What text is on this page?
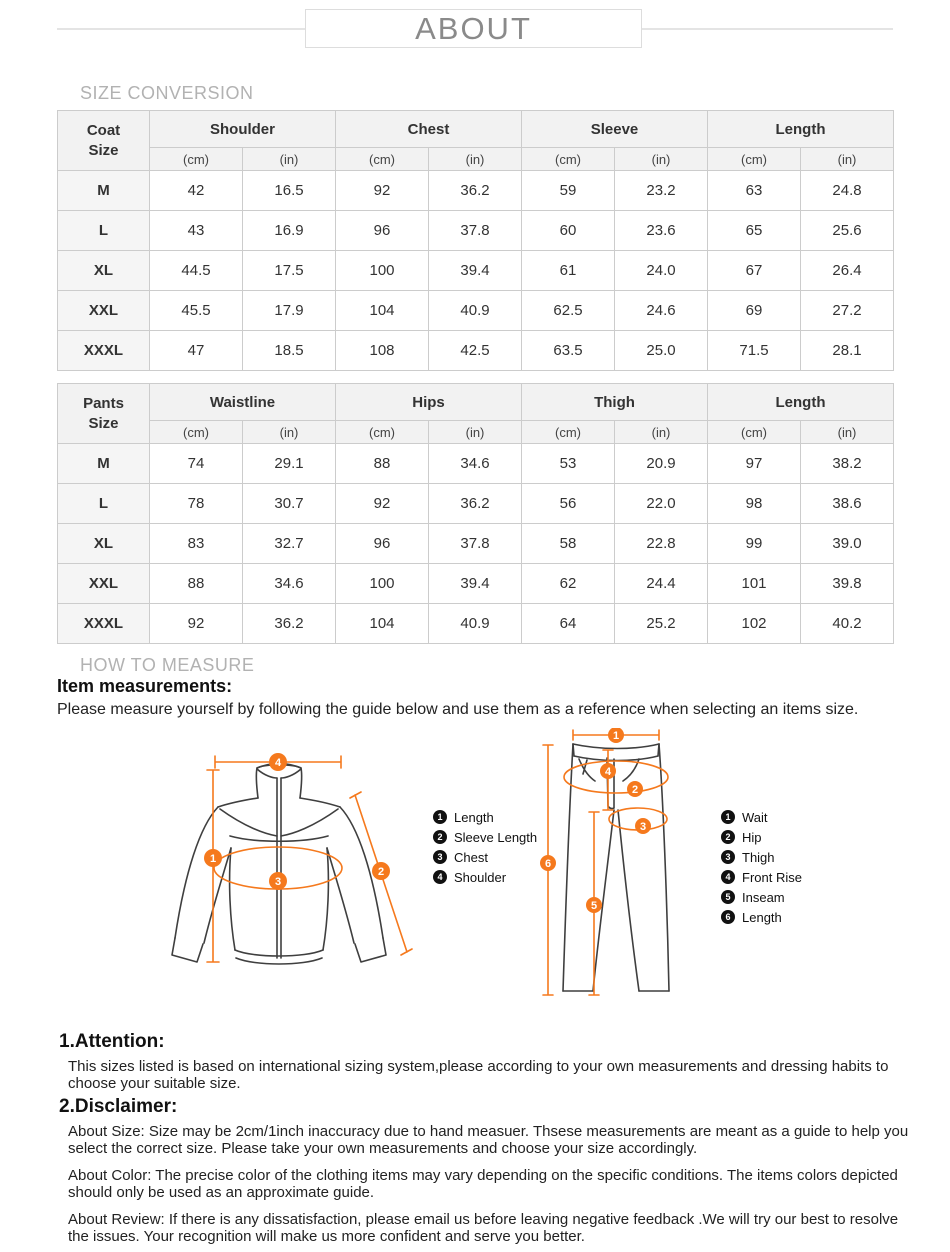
ABOUT
SIZE CONVERSION
Coat Size	Shoulder		Chest		Sleeve		Length	
	(cm)	(in)	(cm)	(in)	(cm)	(in)	(cm)	(in)
M	42	16.5	92	36.2	59	23.2	63	24.8
L	43	16.9	96	37.8	60	23.6	65	25.6
XL	44.5	17.5	100	39.4	61	24.0	67	26.4
XXL	45.5	17.9	104	40.9	62.5	24.6	69	27.2
XXXL	47	18.5	108	42.5	63.5	25.0	71.5	28.1
Pants Size	Waistline		Hips		Thigh		Length	
	(cm)	(in)	(cm)	(in)	(cm)	(in)	(cm)	(in)
M	74	29.1	88	34.6	53	20.9	97	38.2
L	78	30.7	92	36.2	56	22.0	98	38.6
XL	83	32.7	96	37.8	58	22.8	99	39.0
XXL	88	34.6	100	39.4	62	24.4	101	39.8
XXXL	92	36.2	104	40.9	64	25.2	102	40.2
HOW TO MEASURE
Item measurements:
Please measure yourself by following the guide below and use them as a reference when selecting an items size.
4
1
2
3
1 Length
2 Sleeve Length
3 Chest
4 Shoulder
1
6
4
2
3
5
1 Wait
2 Hip
3 Thigh
4 Front Rise
5 Inseam
6 Length
1.Attention:
This sizes listed is based on international sizing system,please according to your own measurements and dressing habits to choose your suitable size.
2.Disclaimer:
About Size: Size may be 2cm/1inch inaccuracy due to hand measuer. Thsese measurements are meant as a guide to help you select the correct size. Please take your own measurements and choose your size accordingly.
About Color: The precise color of the clothing items may vary depending on the specific conditions. The items colors depicted should only be used as an approximate guide.
About Review: If there is any dissatisfaction, please email us before leaving negative feedback .We will try our best to resolve the issues. Your recognition will make us more confident and serve you better.
